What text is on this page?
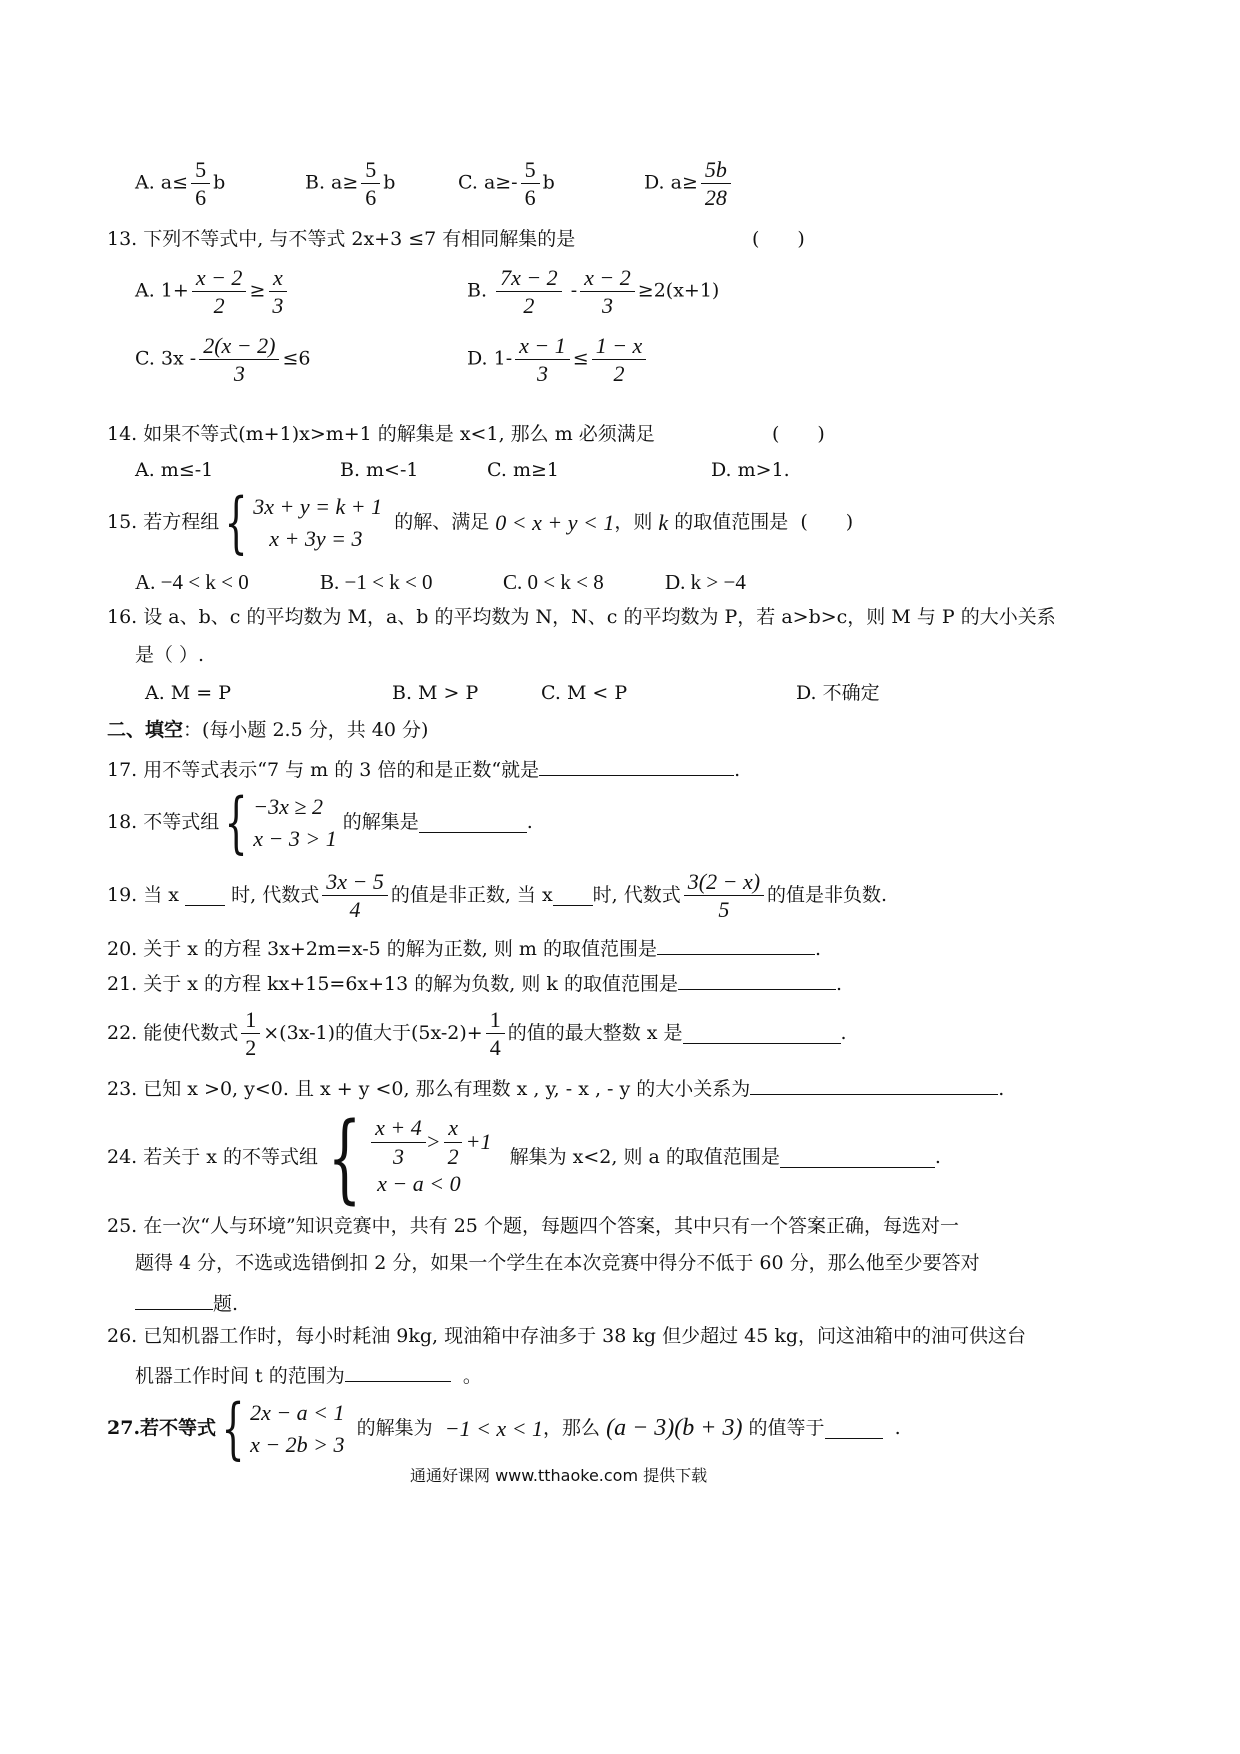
A. $a\le \frac{5}{6}$ b	B. $a\ge \frac{5}{6}$ b	C. $a\ge- \frac{5}{6}$ b	D. $a\ge \frac{5b}{28}$
13. 下列不等式中, 与不等式 2x+3 ≤7 有相同解集的是	(　　)
A. $1+ \frac{x - 2}{2} \ge \frac{x}{3}$	B. $\frac{7x - 2}{2} - \frac{x - 2}{3} \ge 2(x+1)$
C. $3x - \frac{2(x - 2)}{3} \le 6$	D. $1- \frac{x - 1}{3} \le \frac{1 - x}{2}$
14. 如果不等式(m+1)x>m+1 的解集是 x<1, 那么 m 必须满足	(　　)
A. m≤-1	B. m<-1	C. m≥1	D. m>1.
15. 若方程组 { 3x + y = k + 1
x + 3y = 3

的解、满足
0 < x + y < 1 ，则
k
的取值范围是
(　　)
A. −4 < k < 0	B. −1 < k < 0	C. 0 < k < 8	D. k > −4
16. 设 a、b、c 的平均数为 M，a、b 的平均数为 N，N、c 的平均数为 P，若 a>b>c，则 M 与 P 的大小关系
是（ ）.
A. M = P	B. M > P	C. M < P	D. 不确定
二、填空：(每小题 2.5 分，共 40 分)
17. 用不等式表示“7 与 m 的 3 倍的和是正数“就是	.
18. 不等式组 { −3x ≥ 2
x − 3 > 1

的解集是	.
19. 当 x

	时, 代数式 $\frac{3x - 5}{4}$ 的值是非正数, 当 x 时, 代数式 $\frac{3(2 - x)}{5}$ 的值是非负数.
20. 关于 x 的方程 3x+2m=x-5 的解为正数, 则 m 的取值范围是	.
21. 关于 x 的方程 kx+15=6x+13 的解为负数, 则 k 的取值范围是	.
22. 能使代数式 $\frac{1}{2} \times(3x-1)$的值大于$(5x-2)+ \frac{1}{4}$ 的值的最大整数 x 是	.
23. 已知 x >0, y<0. 且 x + y <0, 那么有理数 x , y, - x , - y 的大小关系为	.
24. 若关于 x 的不等式组 { $\frac{x + 4}{3} > \frac{x}{2} +1$
x − a < 0

解集为 x<2, 则 a 的取值范围是	.
25. 在一次“人与环境”知识竞赛中，共有 25 个题，每题四个答案，其中只有一个答案正确，每选对一
题得 4 分，不选或选错倒扣 2 分，如果一个学生在本次竞赛中得分不低于 60 分，那么他至少要答对
题.
26. 已知机器工作时，每小时耗油 9kg, 现油箱中存油多于 38 kg 但少超过 45 kg，问这油箱中的油可供这台
机器工作时间 t 的范围为	。
27.若不等式 { 2x − a < 1
x − 2b > 3

的解集为
−1 < x < 1 ，那么
(a − 3)(b + 3)
的值等于	.
通通好课网 www.tthaoke.com 提供下载
